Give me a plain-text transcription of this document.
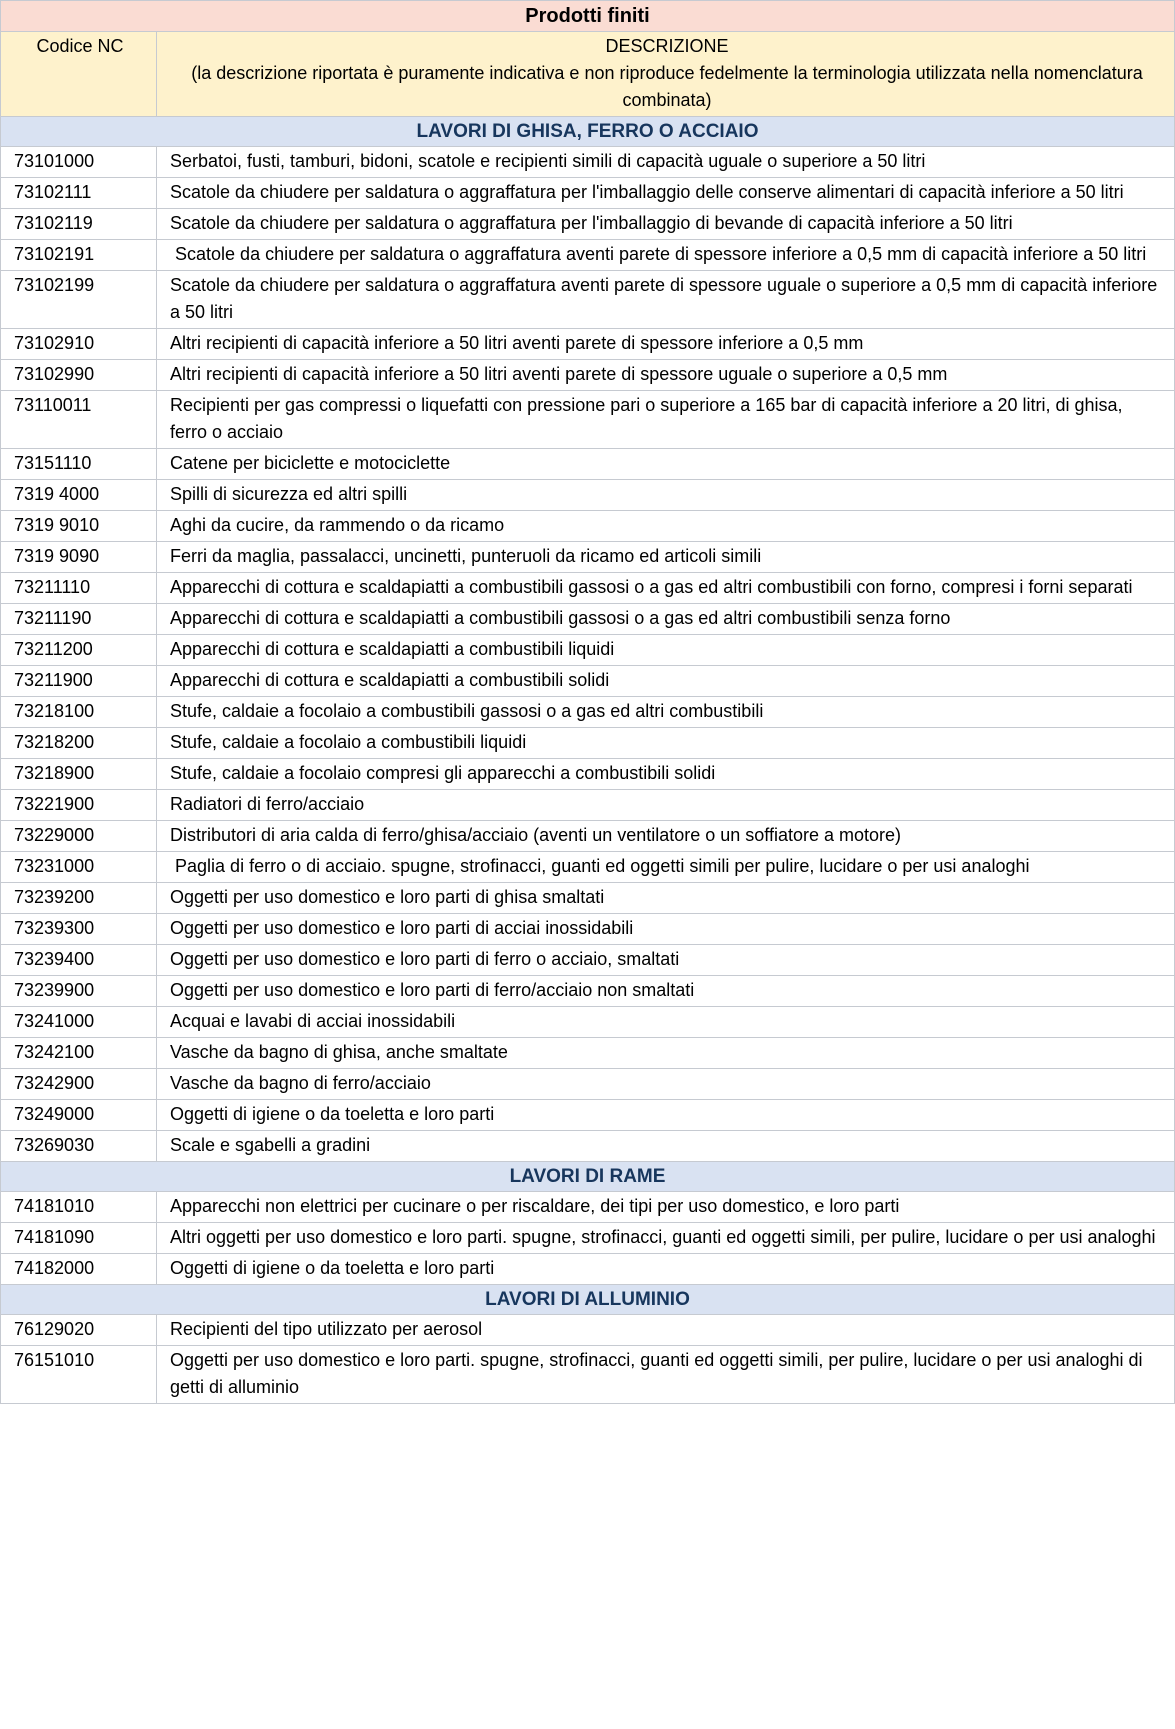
Prodotti finiti	
Codice NC	DESCRIZIONE
(la descrizione riportata è puramente indicativa e non riproduce fedelmente la terminologia utilizzata nella nomenclatura combinata)

LAVORI DI GHISA, FERRO O ACCIAIO	
73101000	Serbatoi, fusti, tamburi, bidoni, scatole e recipienti simili di capacità uguale o superiore a 50 litri
73102111	Scatole da chiudere per saldatura o aggraffatura per l'imballaggio delle conserve alimentari di capacità inferiore a 50 litri
73102119	Scatole da chiudere per saldatura o aggraffatura per l'imballaggio di bevande di capacità inferiore a 50 litri
73102191	Scatole da chiudere per saldatura o aggraffatura aventi parete di spessore inferiore a 0,5 mm di capacità inferiore a 50 litri
73102199	Scatole da chiudere per saldatura o aggraffatura aventi parete di spessore uguale o superiore a 0,5 mm di capacità inferiore a 50 litri
73102910	Altri recipienti di capacità inferiore a 50 litri aventi parete di spessore inferiore a 0,5 mm
73102990	Altri recipienti di capacità inferiore a 50 litri aventi parete di spessore uguale o superiore a 0,5 mm
73110011	Recipienti per gas compressi o liquefatti con pressione pari o superiore a 165 bar di capacità inferiore a 20 litri, di ghisa, ferro o acciaio
73151110	Catene per biciclette e motociclette
7319 4000	Spilli di sicurezza ed altri spilli
7319 9010	Aghi da cucire, da rammendo o da ricamo
7319 9090	Ferri da maglia, passalacci, uncinetti, punteruoli da ricamo ed articoli simili
73211110	Apparecchi di cottura e scaldapiatti a combustibili gassosi o a gas ed altri combustibili con forno, compresi i forni separati
73211190	Apparecchi di cottura e scaldapiatti a combustibili gassosi o a gas ed altri combustibili senza forno
73211200	Apparecchi di cottura e scaldapiatti a combustibili liquidi
73211900	Apparecchi di cottura e scaldapiatti a combustibili solidi
73218100	Stufe, caldaie a focolaio a combustibili gassosi o a gas ed altri combustibili
73218200	Stufe, caldaie a focolaio a combustibili liquidi
73218900	Stufe, caldaie a focolaio compresi gli apparecchi a combustibili solidi
73221900	Radiatori di ferro/acciaio
73229000	Distributori di aria calda di ferro/ghisa/acciaio (aventi un ventilatore o un soffiatore a motore)
73231000	Paglia di ferro o di acciaio. spugne, strofinacci, guanti ed oggetti simili per pulire, lucidare o per usi analoghi
73239200	Oggetti per uso domestico e loro parti di ghisa smaltati
73239300	Oggetti per uso domestico e loro parti di acciai inossidabili
73239400	Oggetti per uso domestico e loro parti di ferro o acciaio, smaltati
73239900	Oggetti per uso domestico e loro parti di ferro/acciaio non smaltati
73241000	Acquai e lavabi di acciai inossidabili
73242100	Vasche da bagno di ghisa, anche smaltate
73242900	Vasche da bagno di ferro/acciaio
73249000	Oggetti di igiene o da toeletta e loro parti
73269030	Scale e sgabelli a gradini
LAVORI DI RAME	
74181010	Apparecchi non elettrici per cucinare o per riscaldare, dei tipi per uso domestico, e loro parti
74181090	Altri oggetti per uso domestico e loro parti. spugne, strofinacci, guanti ed oggetti simili, per pulire, lucidare o per usi analoghi
74182000	Oggetti di igiene o da toeletta e loro parti
LAVORI DI ALLUMINIO	
76129020	Recipienti del tipo utilizzato per aerosol
76151010	Oggetti per uso domestico e loro parti. spugne, strofinacci, guanti ed oggetti simili, per pulire, lucidare o per usi analoghi di getti di alluminio
